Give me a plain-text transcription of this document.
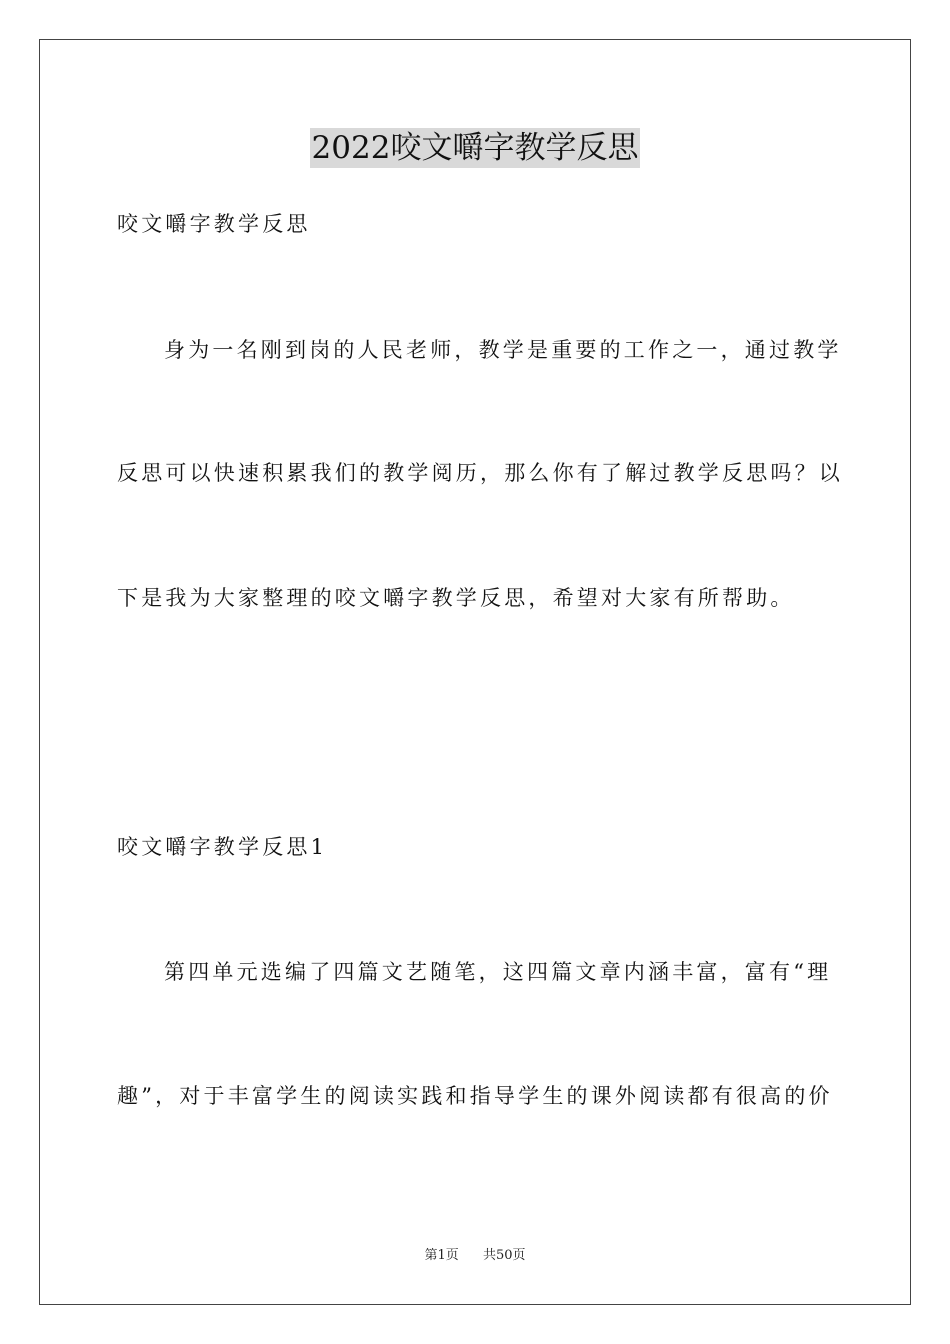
2022咬文嚼字教学反思
咬文嚼字教学反思
身为一名刚到岗的人民老师，教学是重要的工作之一，通过教学
反思可以快速积累我们的教学阅历，那么你有了解过教学反思吗？以
下是我为大家整理的咬文嚼字教学反思，希望对大家有所帮助。
咬文嚼字教学反思1
第四单元选编了四篇文艺随笔，这四篇文章内涵丰富，富有“理
趣”，对于丰富学生的阅读实践和指导学生的课外阅读都有很高的价
第1页 共50页
